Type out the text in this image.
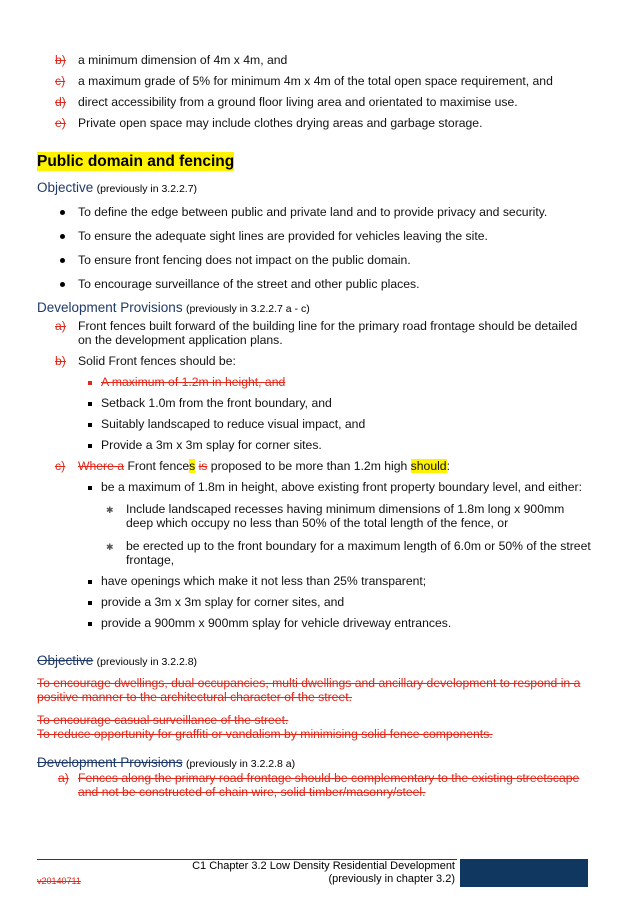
b) a minimum dimension of 4m x 4m, and
c) a maximum grade of 5% for minimum 4m x 4m of the total open space requirement, and
d) direct accessibility from a ground floor living area and orientated to maximise use.
e) Private open space may include clothes drying areas and garbage storage.
Public domain and fencing
Objective (previously in 3.2.2.7)
To define the edge between public and private land and to provide privacy and security.
To ensure the adequate sight lines are provided for vehicles leaving the site.
To ensure front fencing does not impact on the public domain.
To encourage surveillance of the street and other public places.
Development Provisions (previously in 3.2.2.7 a - c)
a) Front fences built forward of the building line for the primary road frontage should be detailed
on the development application plans.
b) Solid Front fences should be:
A maximum of 1.2m in height, and
Setback 1.0m from the front boundary, and
Suitably landscaped to reduce visual impact, and
Provide a 3m x 3m splay for corner sites.
c) Where a Front fences is proposed to be more than 1.2m high should:
be a maximum of 1.8m in height, above existing front property boundary level, and either:
✱ Include landscaped recesses having minimum dimensions of 1.8m long x 900mm
deep which occupy no less than 50% of the total length of the fence, or
✱ be erected up to the front boundary for a maximum length of 6.0m or 50% of the street
frontage,
have openings which make it not less than 25% transparent;
provide a 3m x 3m splay for corner sites, and
provide a 900mm x 900mm splay for vehicle driveway entrances.
Objective (previously in 3.2.2.8)
To encourage dwellings, dual occupancies, multi dwellings and ancillary development to respond in a
positive manner to the architectural character of the street.
To encourage casual surveillance of the street.
To reduce opportunity for graffiti or vandalism by minimising solid fence components.
Development Provisions (previously in 3.2.2.8 a)
a) Fences along the primary road frontage should be complementary to the existing streetscape
and not be constructed of chain wire, solid timber/masonry/steel.
C1 Chapter 3.2 Low Density Residential Development
(previously in chapter 3.2)
v20140711
